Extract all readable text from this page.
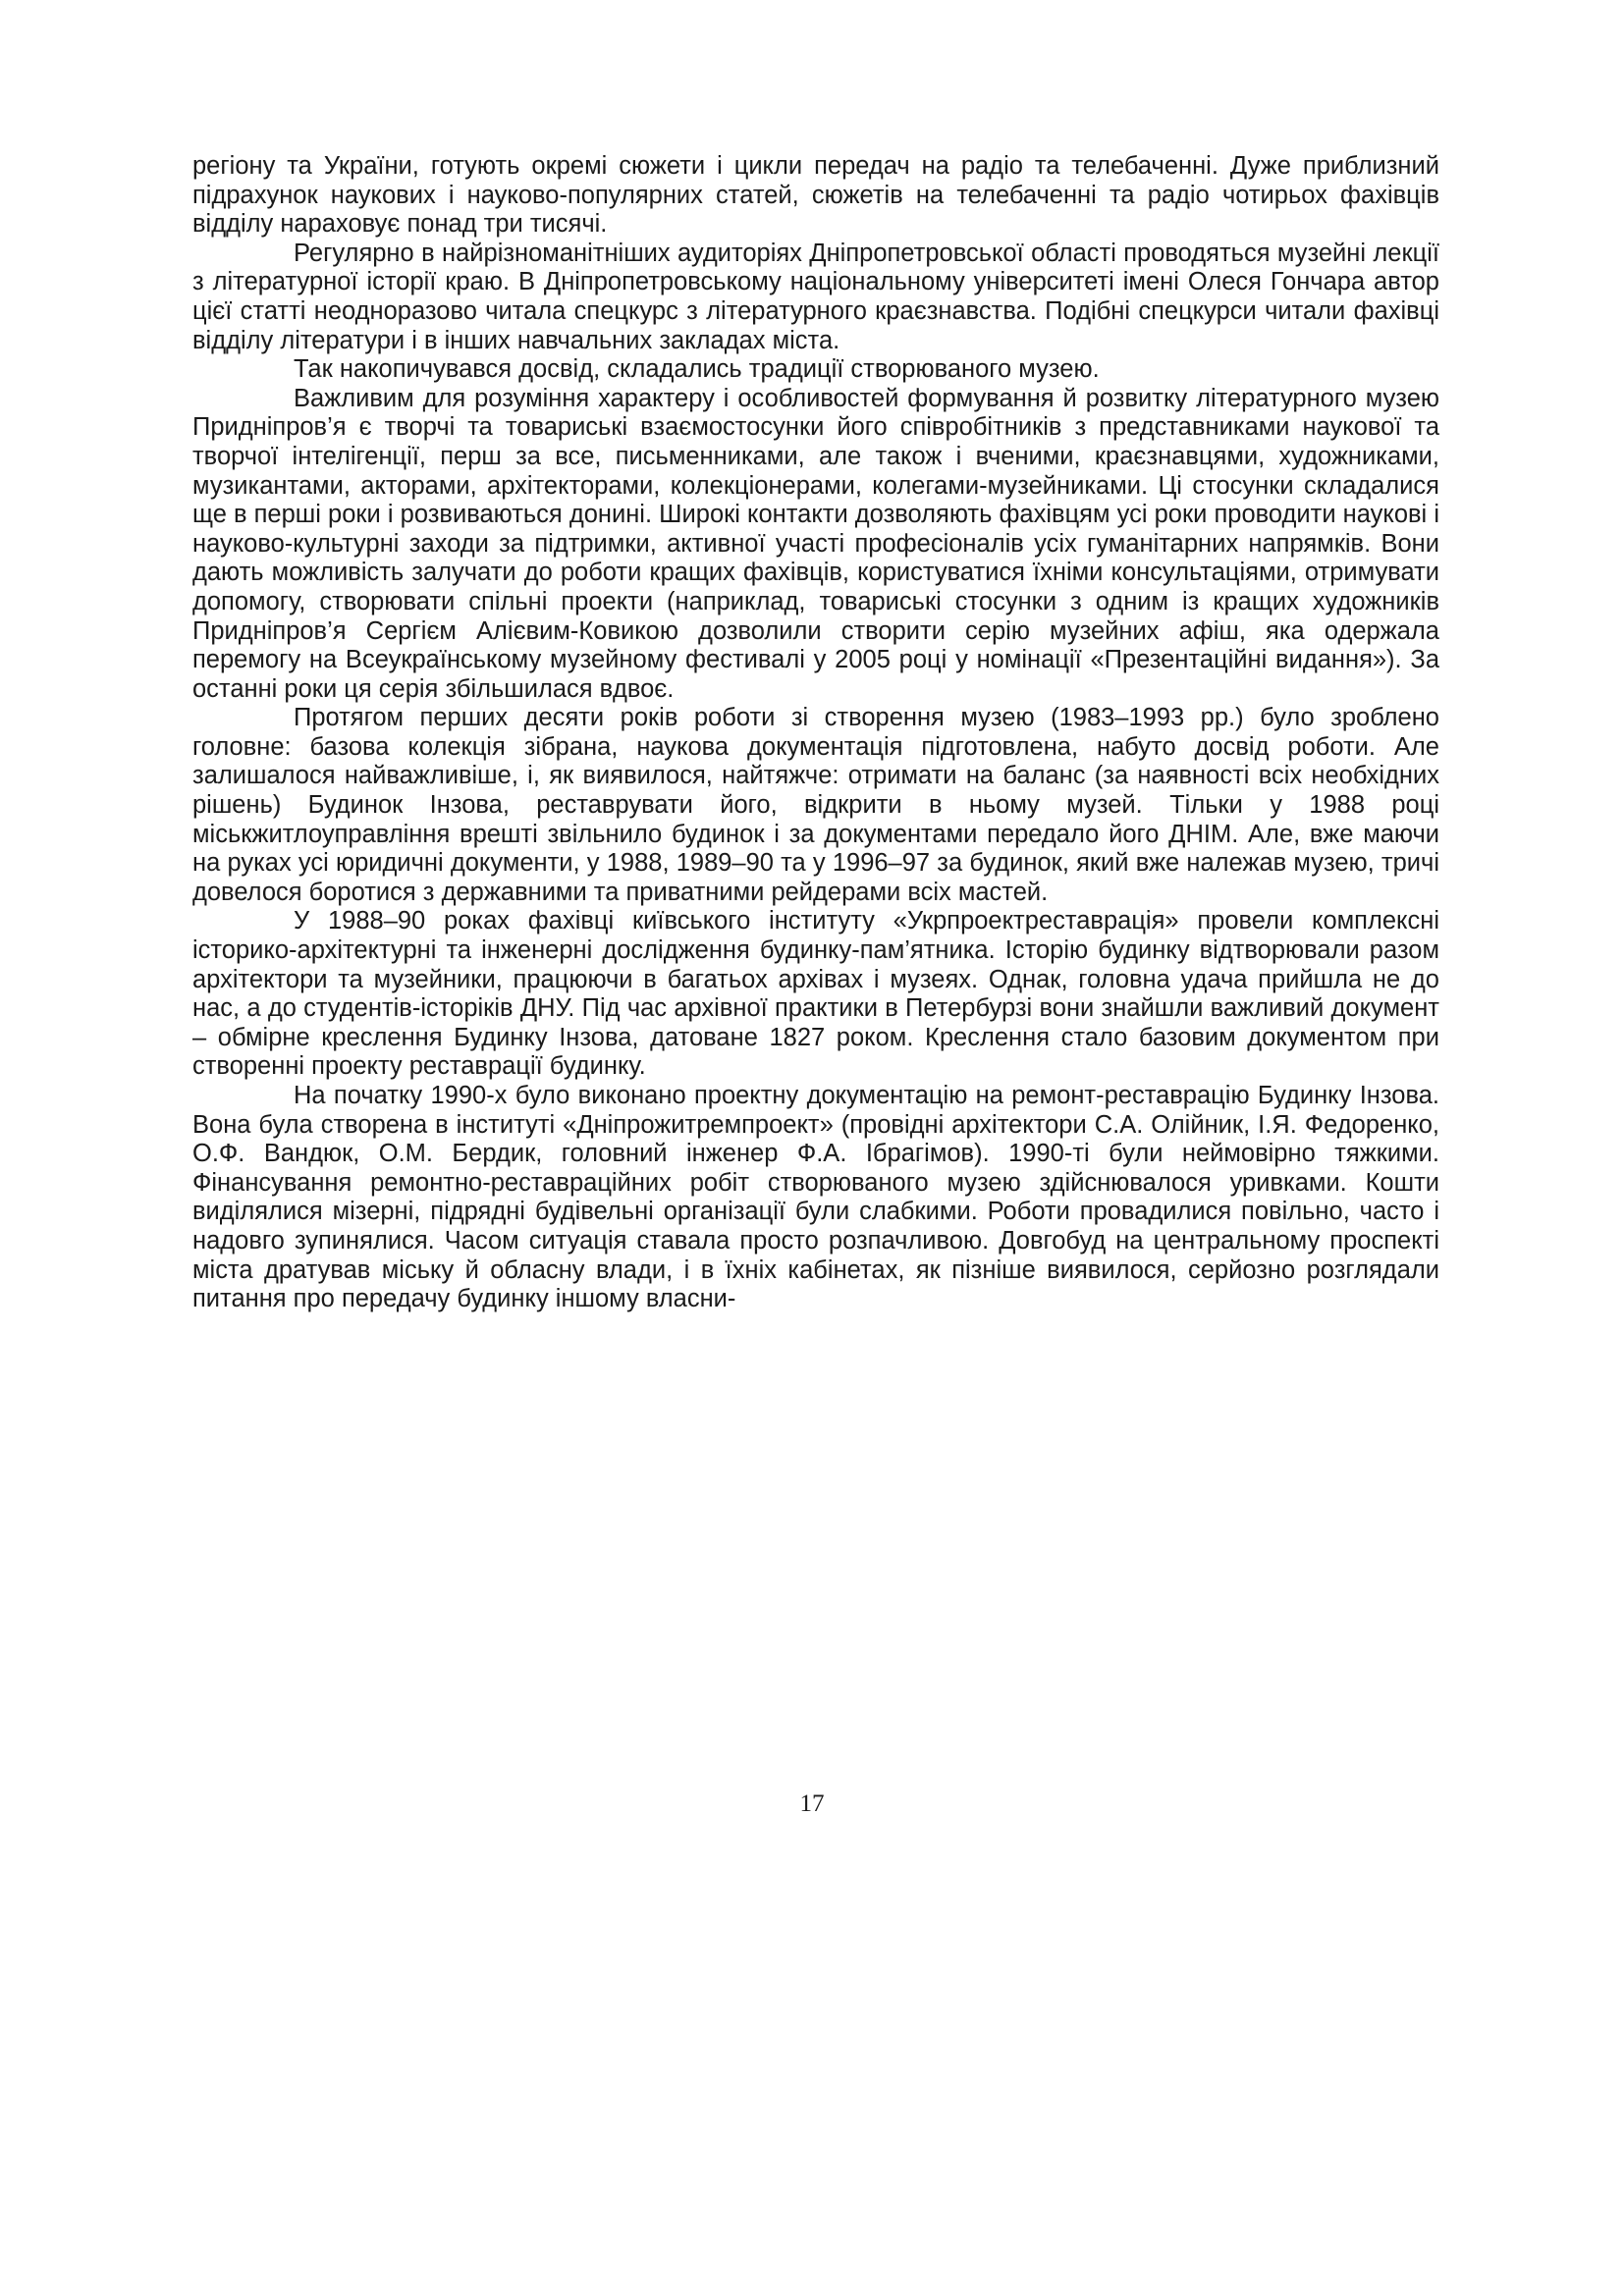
регіону та України, готують окремі сюжети і цикли передач на радіо та телебаченні. Дуже приблизний підрахунок наукових і науково-популярних статей, сюжетів на телебаченні та радіо чотирьох фахівців відділу нараховує понад три тисячі.

Регулярно в найрізноманітніших аудиторіях Дніпропетровської області проводяться музейні лекції з літературної історії краю. В Дніпропетровському національному університеті імені Олеся Гончара автор цієї статті неодноразово читала спецкурс з літературного краєзнавства. Подібні спецкурси читали фахівці відділу літератури і в інших навчальних закладах міста.

Так накопичувався досвід, складались традиції створюваного музею.

Важливим для розуміння характеру і особливостей формування й розвитку літературного музею Придніпров’я є творчі та товариські взаємостосунки його співробітників з представниками наукової та творчої інтелігенції, перш за все, письменниками, але також і вченими, краєзнавцями, художниками, музикантами, акторами, архітекторами, колекціонерами, колегами-музейниками. Ці стосунки складалися ще в перші роки і розвиваються донині. Широкі контакти дозволяють фахівцям усі роки проводити наукові і науково-культурні заходи за підтримки, активної участі професіоналів усіх гуманітарних напрямків. Вони дають можливість залучати до роботи кращих фахівців, користуватися їхніми консультаціями, отримувати допомогу, створювати спільні проекти (наприклад, товариські стосунки з одним із кращих художників Придніпров’я Сергієм Алієвим-Ковикою дозволили створити серію музейних афіш, яка одержала перемогу на Всеукраїнському музейному фестивалі у 2005 році у номінації «Презентаційні видання»). За останні роки ця серія збільшилася вдвоє.

Протягом перших десяти років роботи зі створення музею (1983–1993 рр.) було зроблено головне: базова колекція зібрана, наукова документація підготовлена, набуто досвід роботи. Але залишалося найважливіше, і, як виявилося, найтяжче: отримати на баланс (за наявності всіх необхідних рішень) Будинок Інзова, реставрувати його, відкрити в ньому музей. Тільки у 1988 році міськжитлоуправління врешті звільнило будинок і за документами передало його ДНІМ. Але, вже маючи на руках усі юридичні документи, у 1988, 1989–90 та у 1996–97 за будинок, який вже належав музею, тричі довелося боротися з державними та приватними рейдерами всіх мастей.

У 1988–90 роках фахівці київського інституту «Укрпроектреставрація» провели комплексні історико-архітектурні та інженерні дослідження будинку-пам’ятника. Історію будинку відтворювали разом архітектори та музейники, працюючи в багатьох архівах і музеях. Однак, головна удача прийшла не до нас, а до студентів-історіків ДНУ. Під час архівної практики в Петербурзі вони знайшли важливий документ – обмірне креслення Будинку Інзова, датоване 1827 роком. Креслення стало базовим документом при створенні проекту реставрації будинку.

На початку 1990-х було виконано проектну документацію на ремонт-реставрацію Будинку Інзова. Вона була створена в інституті «Дніпрожитремпроект» (провідні архітектори С.А. Олійник, І.Я. Федоренко, О.Ф. Вандюк, О.М. Бердик, головний інженер Ф.А. Ібрагімов). 1990-ті були неймовірно тяжкими. Фінансування ремонтно-реставраційних робіт створюваного музею здійснювалося уривками. Кошти виділялися мізерні, підрядні будівельні організації були слабкими. Роботи провадилися повільно, часто і надовго зупинялися. Часом ситуація ставала просто розпачливою. Довгобуд на центральному проспекті міста дратував міську й обласну влади, і в їхніх кабінетах, як пізніше виявилося, серйозно розглядали питання про передачу будинку іншому власни-

17
